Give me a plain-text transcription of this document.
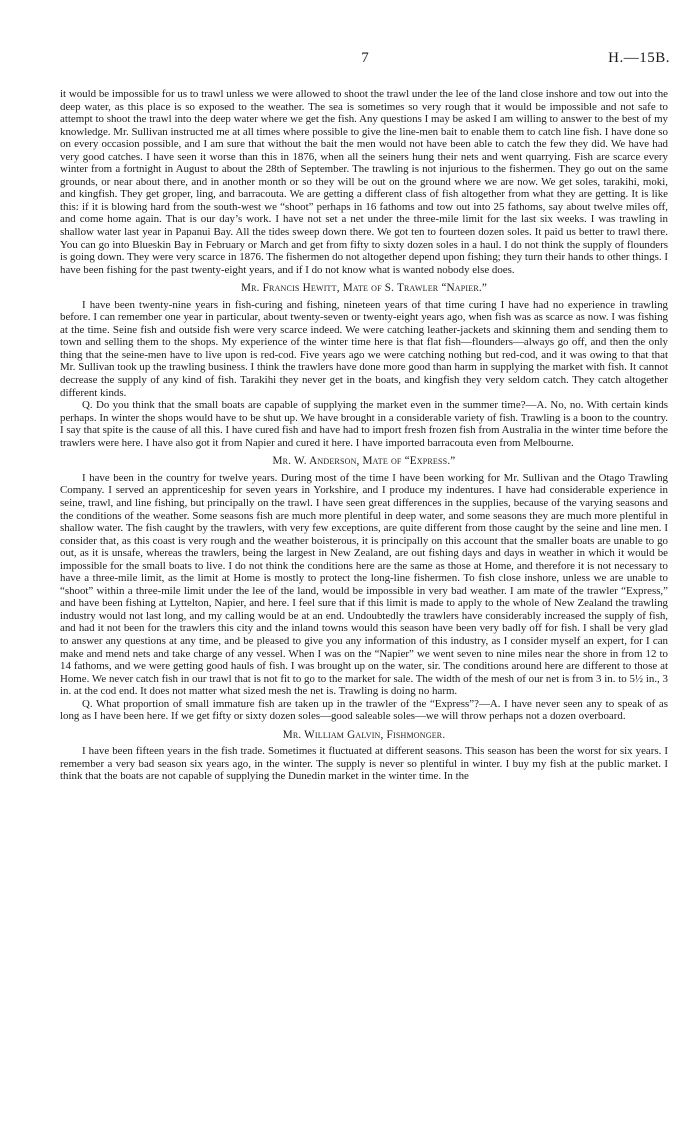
7	H.—15B.

it would be impossible for us to trawl unless we were allowed to shoot the trawl under the lee of the land close inshore and tow out into the deep water, as this place is so exposed to the weather. The sea is sometimes so very rough that it would be impossible and not safe to attempt to shoot the trawl into the deep water where we get the fish. Any questions I may be asked I am willing to answer to the best of my knowledge. Mr. Sullivan instructed me at all times where possible to give the line-men bait to enable them to catch line fish. I have done so on every occasion possible, and I am sure that without the bait the men would not have been able to catch the few they did. We have had very good catches. I have seen it worse than this in 1876, when all the seiners hung their nets and went quarrying. Fish are scarce every winter from a fortnight in August to about the 28th of September. The trawling is not injurious to the fishermen. They go out on the same grounds, or near about there, and in another month or so they will be out on the ground where we are now. We get soles, tarakihi, moki, and kingfish. They get groper, ling, and barracouta. We are getting a different class of fish altogether from what they are getting. It is like this: if it is blowing hard from the south-west we “shoot” perhaps in 16 fathoms and tow out into 25 fathoms, say about twelve miles off, and come home again. That is our day’s work. I have not set a net under the three-mile limit for the last six weeks. I was trawling in shallow water last year in Papanui Bay. All the tides sweep down there. We got ten to fourteen dozen soles. It paid us better to trawl there. You can go into Blueskin Bay in February or March and get from fifty to sixty dozen soles in a haul. I do not think the supply of flounders is going down. They were very scarce in 1876. The fishermen do not altogether depend upon fishing; they turn their hands to other things. I have been fishing for the past twenty-eight years, and if I do not know what is wanted nobody else does.

Mr. Francis Hewitt, Mate of S. Trawler “Napier.”

I have been twenty-nine years in fish-curing and fishing, nineteen years of that time curing I have had no experience in trawling before. I can remember one year in particular, about twenty-seven or twenty-eight years ago, when fish was as scarce as now. I was fishing at the time. Seine fish and outside fish were very scarce indeed. We were catching leather-jackets and skinning them and sending them to town and selling them to the shops. My experience of the winter time here is that flat fish—flounders—always go off, and then the only thing that the seine-men have to live upon is red-cod. Five years ago we were catching nothing but red-cod, and it was owing to that that Mr. Sullivan took up the trawling business. I think the trawlers have done more good than harm in supplying the market with fish. It cannot decrease the supply of any kind of fish. Tarakihi they never get in the boats, and kingfish they very seldom catch. They catch altogether different kinds.

Q. Do you think that the small boats are capable of supplying the market even in the summer time?—A. No, no. With certain kinds perhaps. In winter the shops would have to be shut up. We have brought in a considerable variety of fish. Trawling is a boon to the country. I say that spite is the cause of all this. I have cured fish and have had to import fresh frozen fish from Australia in the winter time before the trawlers were here. I have also got it from Napier and cured it here. I have imported barracouta even from Melbourne.

Mr. W. Anderson, Mate of “Express.”

I have been in the country for twelve years. During most of the time I have been working for Mr. Sullivan and the Otago Trawling Company. I served an apprenticeship for seven years in Yorkshire, and I produce my indentures. I have had considerable experience in seine, trawl, and line fishing, but principally on the trawl. I have seen great differences in the supplies, because of the varying seasons and the conditions of the weather. Some seasons fish are much more plentiful in deep water, and some seasons they are much more plentiful in shallow water. The fish caught by the trawlers, with very few exceptions, are quite different from those caught by the seine and line men. I consider that, as this coast is very rough and the weather boisterous, it is principally on this account that the smaller boats are unable to go out, as it is unsafe, whereas the trawlers, being the largest in New Zealand, are out fishing days and days in weather in which it would be impossible for the small boats to live. I do not think the conditions here are the same as those at Home, and therefore it is not necessary to have a three-mile limit, as the limit at Home is mostly to protect the long-line fishermen. To fish close inshore, unless we are unable to “shoot” within a three-mile limit under the lee of the land, would be impossible in very bad weather. I am mate of the trawler “Express,” and have been fishing at Lyttelton, Napier, and here. I feel sure that if this limit is made to apply to the whole of New Zealand the trawling industry would not last long, and my calling would be at an end. Undoubtedly the trawlers have considerably increased the supply of fish, and had it not been for the trawlers this city and the inland towns would this season have been very badly off for fish. I shall be very glad to answer any questions at any time, and be pleased to give you any information of this industry, as I consider myself an expert, for I can make and mend nets and take charge of any vessel. When I was on the “Napier” we went seven to nine miles near the shore in from 12 to 14 fathoms, and we were getting good hauls of fish. I was brought up on the water, sir. The conditions around here are different to those at Home. We never catch fish in our trawl that is not fit to go to the market for sale. The width of the mesh of our net is from 3 in. to 5½ in., 3 in. at the cod end. It does not matter what sized mesh the net is. Trawling is doing no harm.

Q. What proportion of small immature fish are taken up in the trawler of the “Express”?—A. I have never seen any to speak of as long as I have been here. If we get fifty or sixty dozen soles—good saleable soles—we will throw perhaps not a dozen overboard.

Mr. William Galvin, Fishmonger.

I have been fifteen years in the fish trade. Sometimes it fluctuated at different seasons. This season has been the worst for six years. I remember a very bad season six years ago, in the winter. The supply is never so plentiful in winter. I buy my fish at the public market. I think that the boats are not capable of supplying the Dunedin market in the winter time. In the
